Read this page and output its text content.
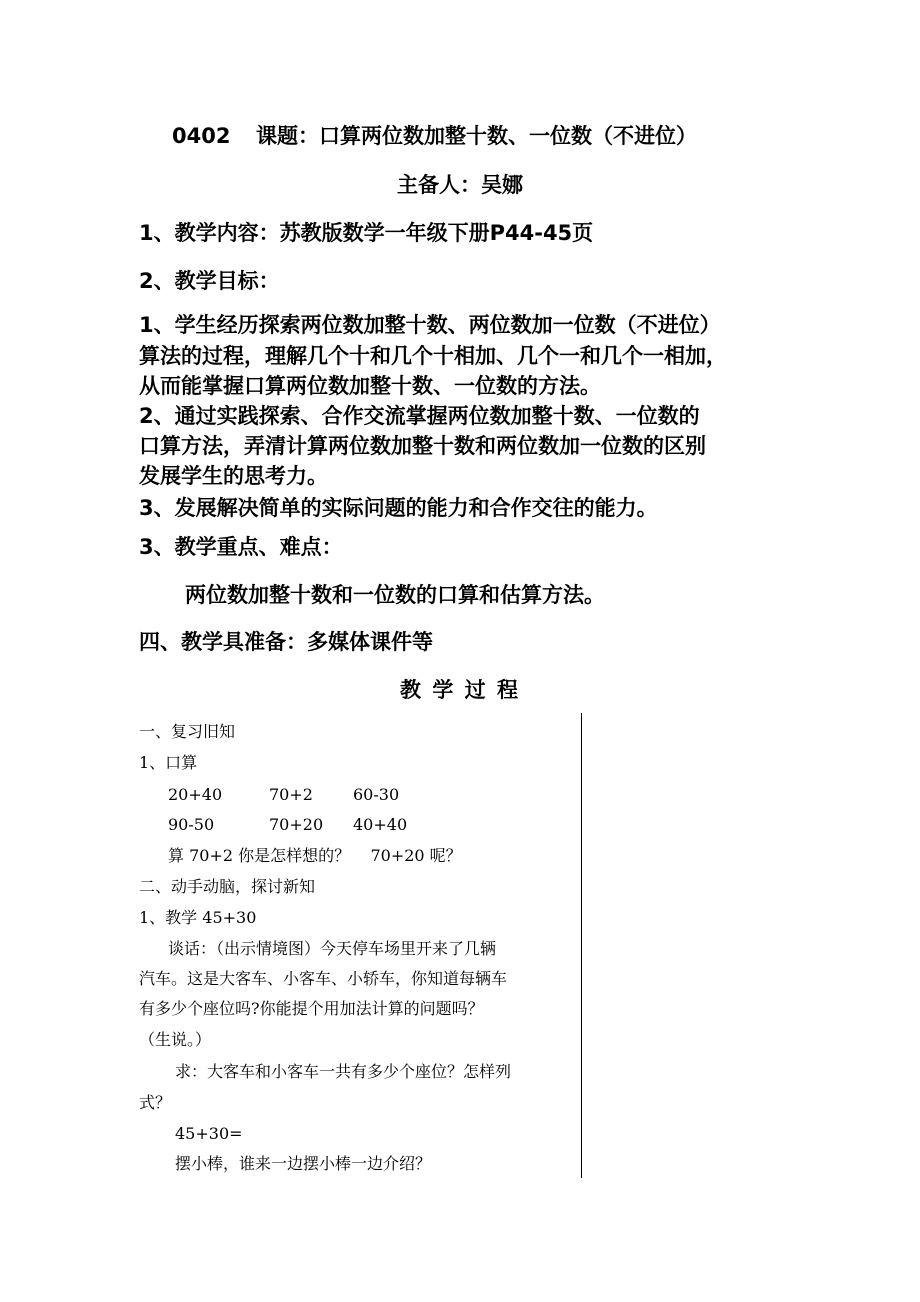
0402 课题：口算两位数加整十数、一位数（不进位）
主备人：吴娜
1、教学内容：苏教版数学一年级下册P44-45页
2、教学目标：
1、学生经历探索两位数加整十数、两位数加一位数（不进位）
算法的过程，理解几个十和几个十相加、几个一和几个一相加，
从而能掌握口算两位数加整十数、一位数的方法。
2、通过实践探索、合作交流掌握两位数加整十数、一位数的
口算方法，弄清计算两位数加整十数和两位数加一位数的区别
发展学生的思考力。
3、发展解决简单的实际问题的能力和合作交往的能力。
3、教学重点、难点：
两位数加整十数和一位数的口算和估算方法。
四、教学具准备：多媒体课件等
教 学 过 程
一、复习旧知
1、口算
20+40	70+2	60-30
90-50	70+20 40+40
算 70+2 你是怎样想的？    70+20 呢？
二、动手动脑，探讨新知
1、教学 45+30
谈话：（出示情境图）今天停车场里开来了几辆
汽车。这是大客车、小客车、小轿车，你知道每辆车
有多少个座位吗?你能提个用加法计算的问题吗？
（生说。）
求：大客车和小客车一共有多少个座位？怎样列
式？
45+30=
摆小棒，谁来一边摆小棒一边介绍？
